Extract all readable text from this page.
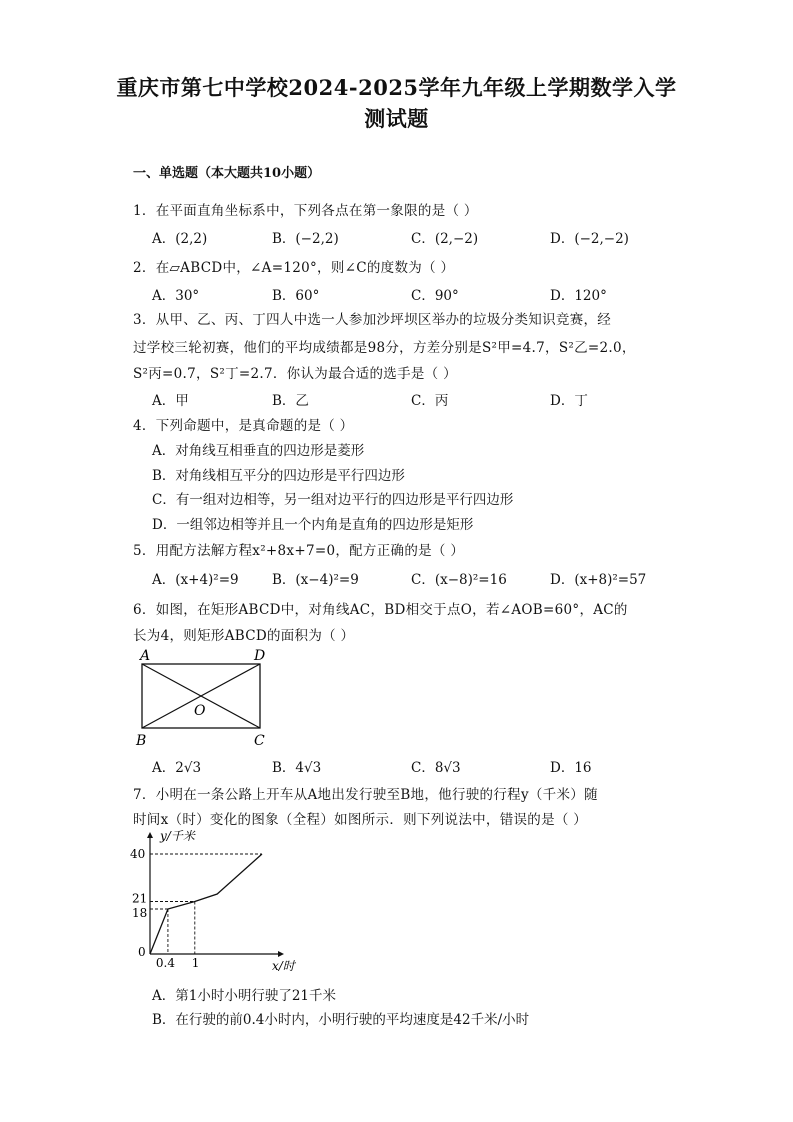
重庆市第七中学校2024-2025学年九年级上学期数学入学
测试题
一、单选题（本大题共10小题）
1．在平面直角坐标系中，下列各点在第一象限的是（ ）
A．(2,2)	B．(−2,2)	C．(2,−2)	D．(−2,−2)
2．在▱ABCD中，∠A=120°，则∠C的度数为（ ）
A．30°	B．60°	C．90°	D．120°
3．从甲、乙、丙、丁四人中选一人参加沙坪坝区举办的垃圾分类知识竞赛，经
过学校三轮初赛，他们的平均成绩都是98分，方差分别是S²甲=4.7，S²乙=2.0，
S²丙=0.7，S²丁=2.7．你认为最合适的选手是（ ）
A．甲	B．乙	C．丙	D．丁
4．下列命题中，是真命题的是（ ）
A．对角线互相垂直的四边形是菱形
B．对角线相互平分的四边形是平行四边形
C．有一组对边相等，另一组对边平行的四边形是平行四边形
D．一组邻边相等并且一个内角是直角的四边形是矩形
5．用配方法解方程x²+8x+7=0，配方正确的是（ ）
A．(x+4)²=9 B．(x−4)²=9	C．(x−8)²=16	D．(x+8)²=57
6．如图，在矩形ABCD中，对角线AC，BD相交于点O，若∠AOB=60°，AC的
长为4，则矩形ABCD的面积为（ ）
A	D
B	C
O
A．2√3	B．4√3	C．8√3	D．16
7．小明在一条公路上开车从A地出发行驶至B地，他行驶的行程y（千米）随
时间x（时）变化的图象（全程）如图所示．则下列说法中，错误的是（ ）
40
21
18
0
0.4 1
y/千米
x/时
A．第1小时小明行驶了21千米
B．在行驶的前0.4小时内，小明行驶的平均速度是42千米/小时
